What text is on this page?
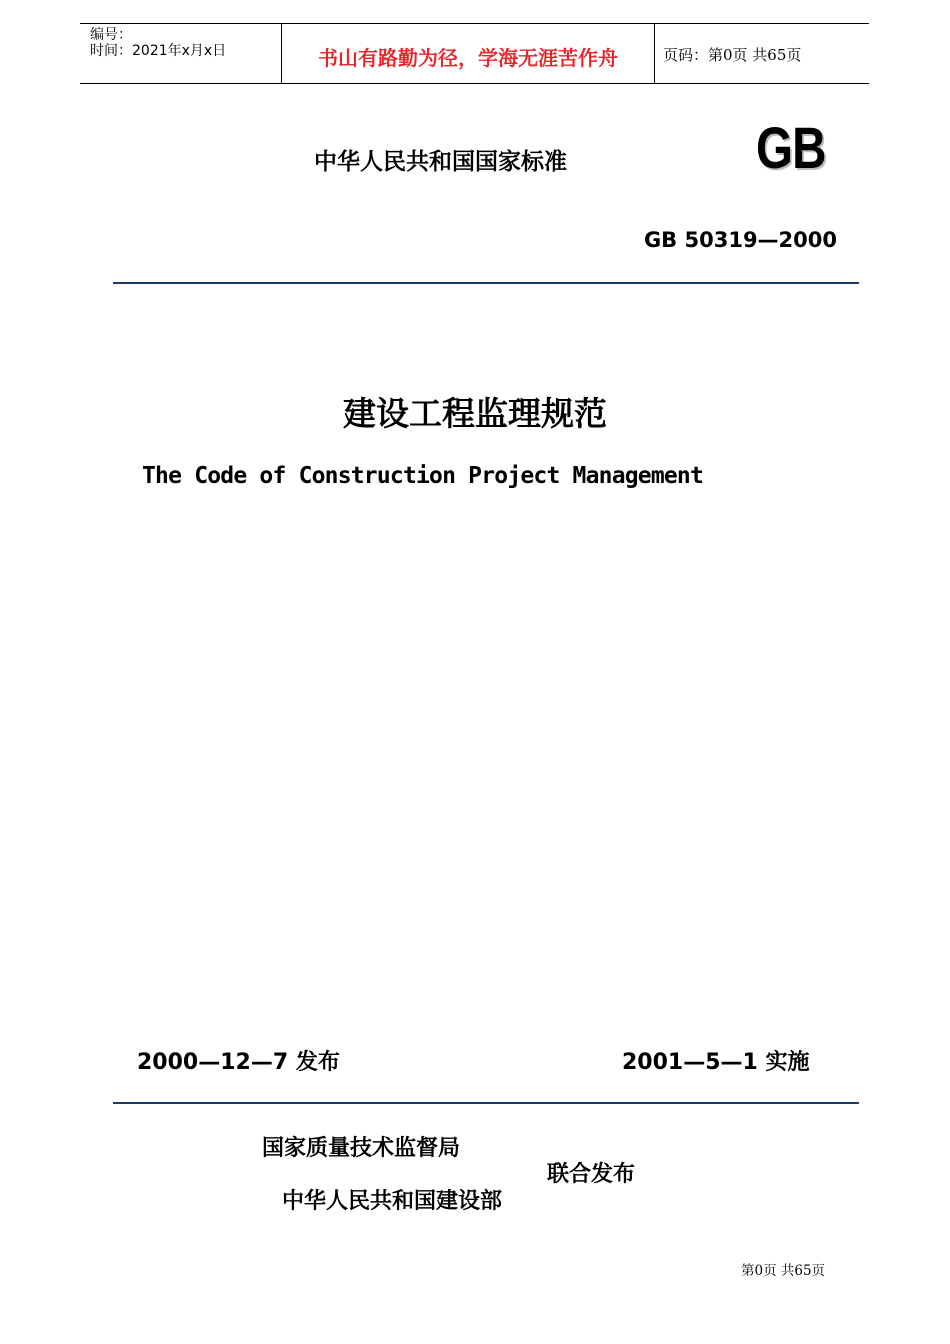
编号：
时间：2021年x月x日	书山有路勤为径，学海无涯苦作舟	页码：第0页 共65页
中华人民共和国国家标准	GB
GB 50319—2000
建设工程监理规范
The Code of Construction Project Management
2000—12—7 发布	2001—5—1 实施
国家质量技术监督局
中华人民共和国建设部
联合发布
第0页 共65页
